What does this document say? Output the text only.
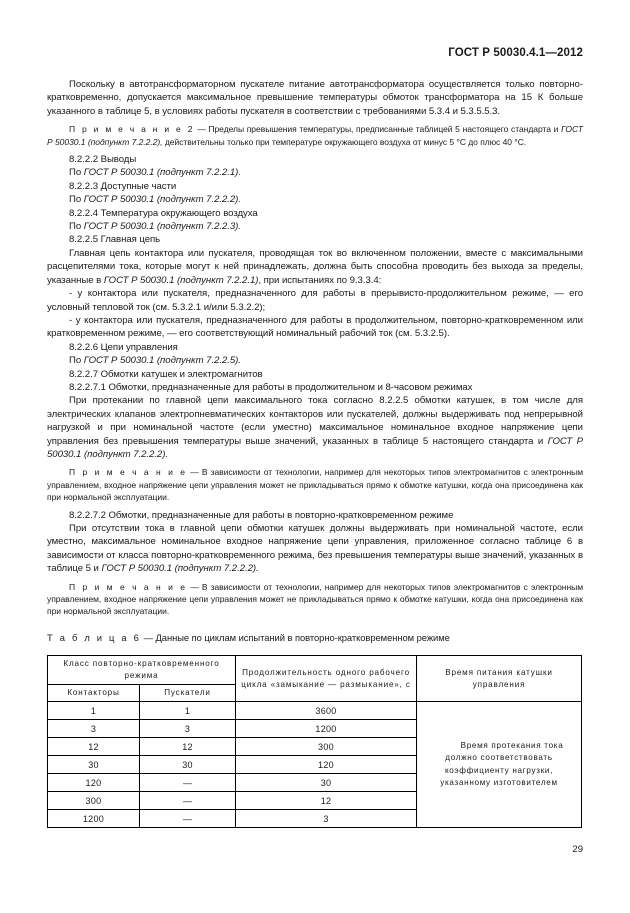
ГОСТ Р 50030.4.1—2012

Поскольку в автотрансформаторном пускателе питание автотрансформатора осуществляется только повторно-кратковременно, допускается максимальное превышение температуры обмоток трансформатора на 15 К больше указанного в таблице 5, в условиях работы пускателя в соответствии с требованиями 5.3.4 и 5.3.5.5.3.

П р и м е ч а н и е 2 — Пределы превышения температуры, предписанные таблицей 5 настоящего стандарта и ГОСТ Р 50030.1 (подпункт 7.2.2.2), действительны только при температуре окружающего воздуха от минус 5 °С до плюс 40 °С.

8.2.2.2 Выводы

По ГОСТ Р 50030.1 (подпункт 7.2.2.1).

8.2.2.3 Доступные части

По ГОСТ Р 50030.1 (подпункт 7.2.2.2).

8.2.2.4 Температура окружающего воздуха

По ГОСТ Р 50030.1 (подпункт 7.2.2.3).

8.2.2.5 Главная цепь

Главная цепь контактора или пускателя, проводящая ток во включенном положении, вместе с максимальными расцепителями тока, которые могут к ней принадлежать, должна быть способна проводить без выхода за пределы, указанные в ГОСТ Р 50030.1 (подпункт 7.2.2.1), при испытаниях по 9.3.3.4:

- у контактора или пускателя, предназначенного для работы в прерывисто-продолжительном режиме, — его условный тепловой ток (см. 5.3.2.1 и/или 5.3.2.2);

- у контактора или пускателя, предназначенного для работы в продолжительном, повторно-кратковременном или кратковременном режиме, — его соответствующий номинальный рабочий ток (см. 5.3.2.5).

8.2.2.6 Цепи управления

По ГОСТ Р 50030.1 (подпункт 7.2.2.5).

8.2.2.7 Обмотки катушек и электромагнитов

8.2.2.7.1 Обмотки, предназначенные для работы в продолжительном и 8-часовом режимах

При протекании по главной цепи максимального тока согласно 8.2.2.5 обмотки катушек, в том числе для электрических клапанов электропневматических контакторов или пускателей, должны выдерживать под непрерывной нагрузкой и при номинальной частоте (если уместно) максимальное номинальное входное напряжение цепи управления без превышения температуры выше значений, указанных в таблице 5 настоящего стандарта и ГОСТ Р 50030.1 (подпункт 7.2.2.2).

П р и м е ч а н и е — В зависимости от технологии, например для некоторых типов электромагнитов с электронным управлением, входное напряжение цепи управления может не прикладываться прямо к обмотке катушки, когда она присоединена как при нормальной эксплуатации.

8.2.2.7.2 Обмотки, предназначенные для работы в повторно-кратковременном режиме

При отсутствии тока в главной цепи обмотки катушек должны выдерживать при номинальной частоте, если уместно, максимальное номинальное входное напряжение цепи управления, приложенное согласно таблице 6 в зависимости от класса повторно-кратковременного режима, без превышения температуры выше значений, указанных в таблице 5 и ГОСТ Р 50030.1 (подпункт 7.2.2.2).

П р и м е ч а н и е — В зависимости от технологии, например для некоторых типов электромагнитов с электронным управлением, входное напряжение цепи управления может не прикладываться прямо к обмотке катушки, когда она присоединена как при нормальной эксплуатации.

Т а б л и ц а 6 — Данные по циклам испытаний в повторно-кратковременном режиме

Класс повторно-кратковременного режима		Продолжительность одного рабочего цикла «замыкание — размыкание», с	Время питания катушки управления
Контакторы	Пускатели		
1	1	3600	Время протекания тока должно соответствовать коэффициенту нагрузки, указанному изготовителем
3	3	1200	
12	12	300	
30	30	120	
120	—	30	
300	—	12	
1200	—	3	
29
